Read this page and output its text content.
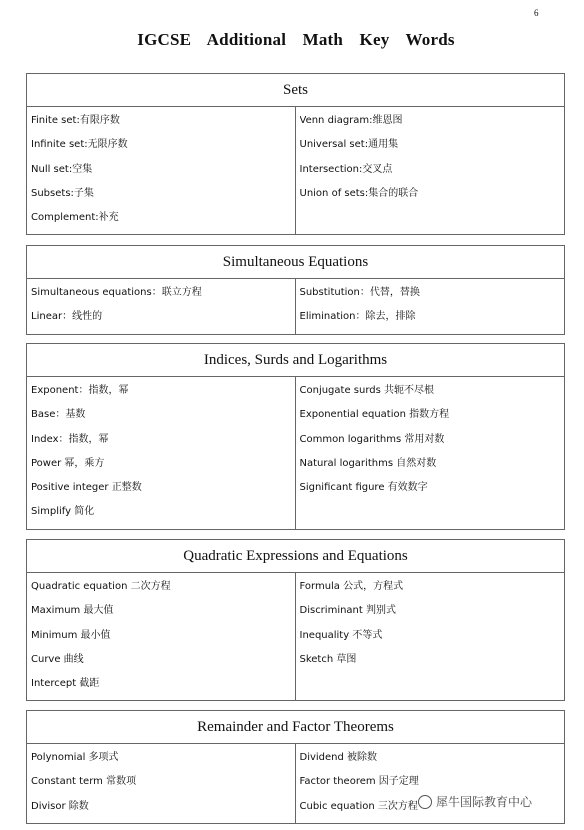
6
IGCSE Additional Math Key Words
Sets
Finite set:有限序数
Infinite set:无限序数
Null set:空集
Subsets:子集
Complement:补充
Venn diagram:维恩图
Universal set:通用集
Intersection:交叉点
Union of sets:集合的联合
Simultaneous Equations
Simultaneous equations：联立方程
Linear：线性的
Substitution：代替，替换
Elimination：除去，排除
Indices, Surds and Logarithms
Exponent：指数，幂
Base：基数
Index：指数，幂
Power 幂，乘方
Positive integer 正整数
Simplify 简化
Conjugate surds 共轭不尽根
Exponential equation 指数方程
Common logarithms 常用对数
Natural logarithms 自然对数
Significant figure 有效数字
Quadratic Expressions and Equations
Quadratic equation 二次方程
Maximum 最大值
Minimum 最小值
Curve 曲线
Intercept 截距
Formula 公式，方程式
Discriminant 判别式
Inequality 不等式
Sketch 草图
Remainder and Factor Theorems
Polynomial 多项式
Constant term 常数项
Divisor 除数
Dividend 被除数
Factor theorem 因子定理
Cubic equation 三次方程	犀牛国际教育中心
